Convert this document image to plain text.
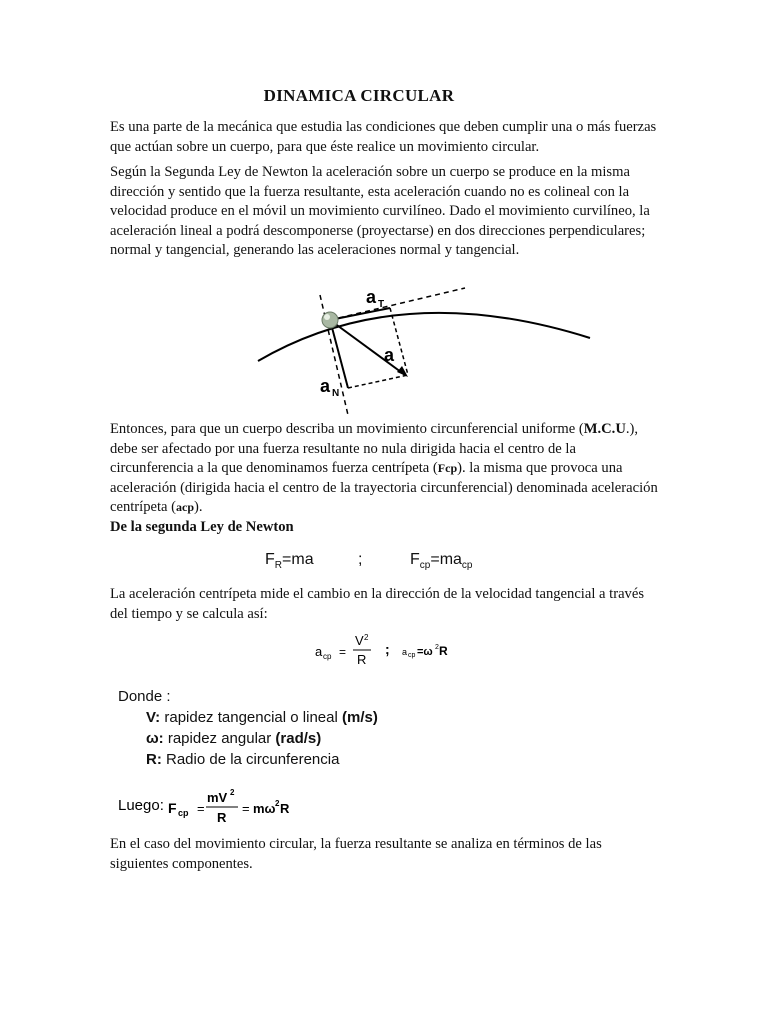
DINAMICA CIRCULAR

Es una parte de la mecánica que estudia las condiciones que deben cumplir una o más fuerzas que actúan sobre un cuerpo, para que éste realice un movimiento circular.

Según la Segunda Ley de Newton la aceleración sobre un cuerpo se produce en la misma dirección y sentido que la fuerza resultante, esta aceleración cuando no es colineal con la velocidad produce en el móvil un movimiento curvilíneo. Dado el movimiento curvilíneo, la aceleración lineal a podrá descomponerse (proyectarse) en dos direcciones perpendiculares; normal y tangencial, generando las aceleraciones normal y tangencial.

a T
a
a N

Entonces, para que un cuerpo describa un movimiento circunferencial uniforme (M.C.U.), debe ser afectado por una fuerza resultante no nula dirigida hacia el centro de la circunferencia a la que denominamos fuerza centrípeta (Fcp). la misma que provoca una aceleración (dirigida hacia el centro de la trayectoria circunferencial) denominada aceleración centrípeta (acp).

De la segunda Ley de Newton

$F_R=ma$	;	$F_{cp}=ma_{cp}$

La aceleración centrípeta mide el cambio en la dirección de la velocidad tangencial a través del tiempo y se calcula así:

a cp =
V 2
R
; a cp =ω 2 R
Donde :
V: rapidez tangencial o lineal (m/s)
ω: rapidez angular (rad/s)
R: Radio de la circunferencia
Luego: F cp =
mV 2
R
= mω 2 R

En el caso del movimiento circular, la fuerza resultante se analiza en términos de las siguientes componentes.
